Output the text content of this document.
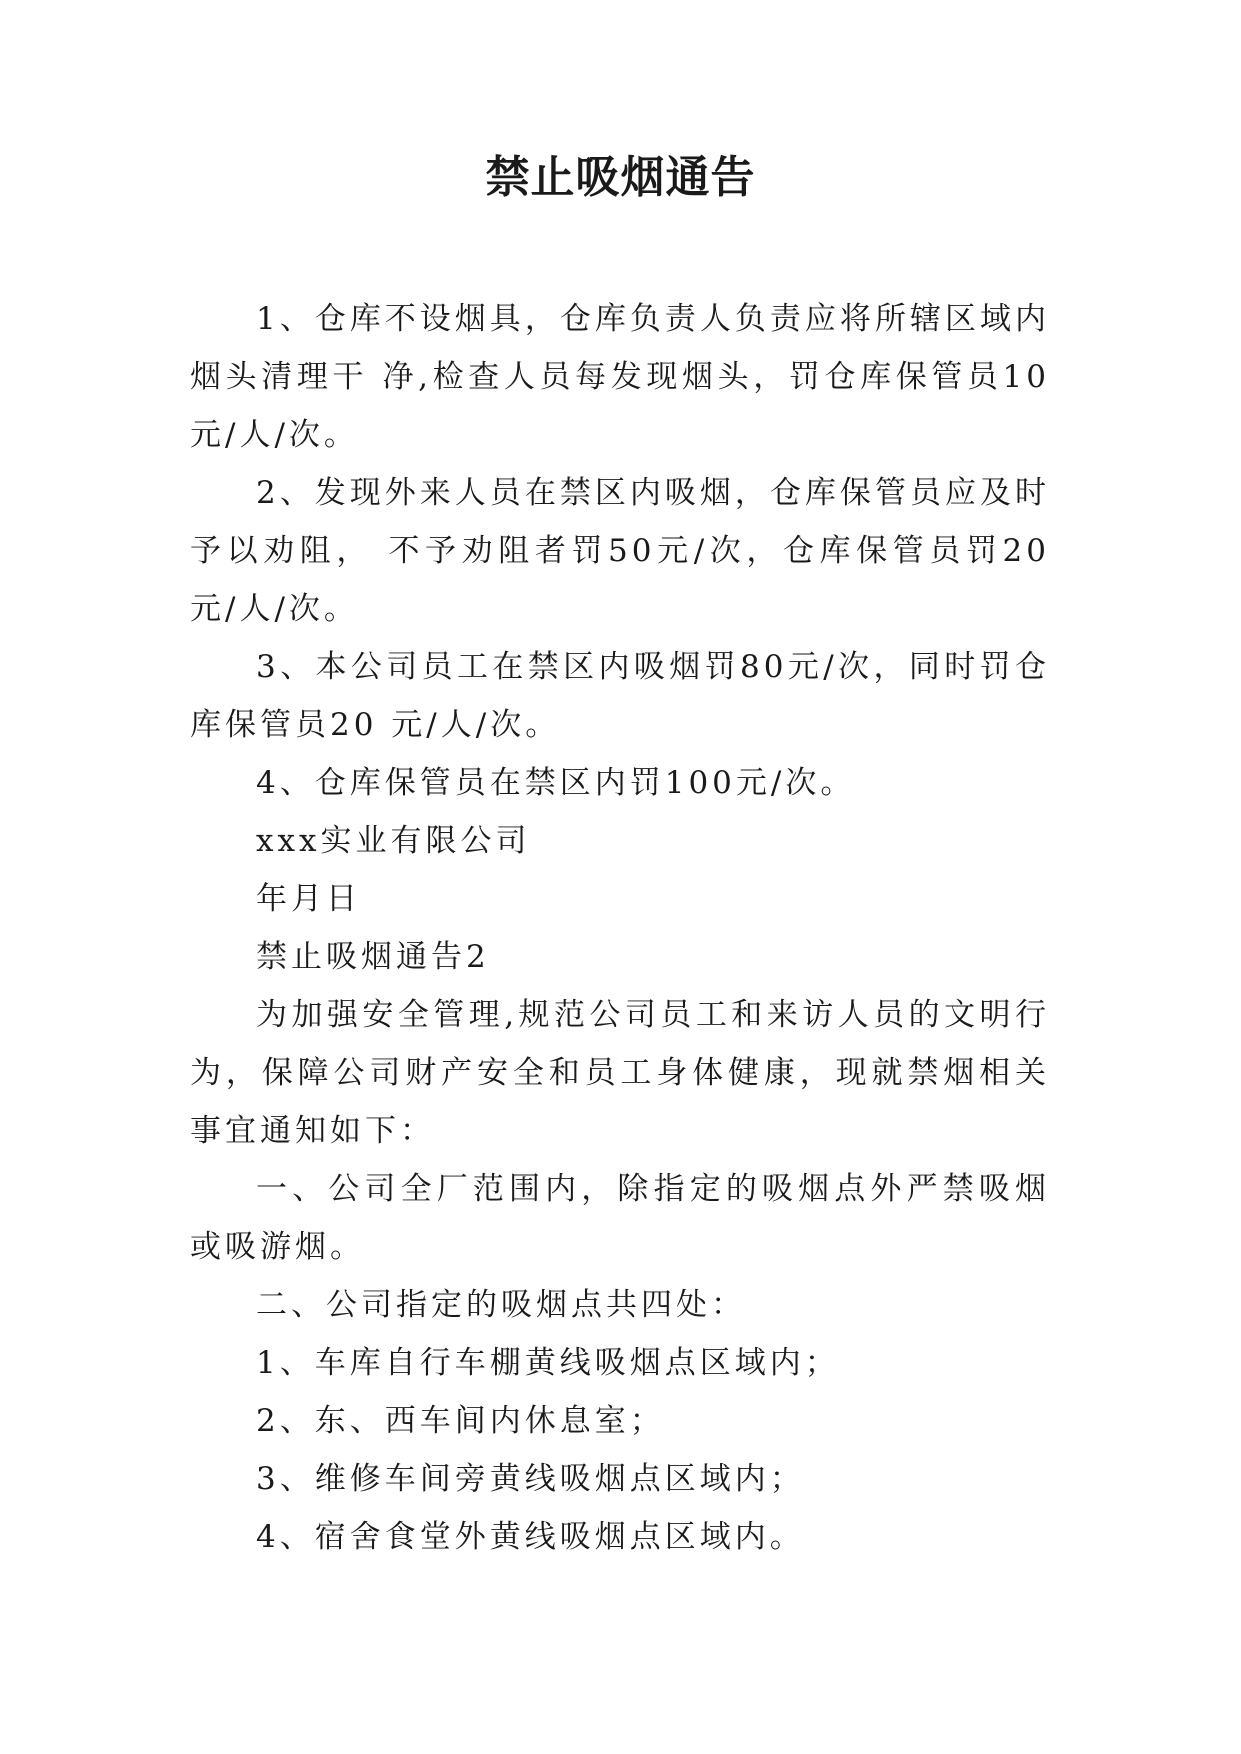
禁止吸烟通告

1、仓库不设烟具，仓库负责人负责应将所辖区域内烟头清理干 净,检查人员每发现烟头，罚仓库保管员10元/人/次。

2、发现外来人员在禁区内吸烟，仓库保管员应及时予以劝阻， 不予劝阻者罚50元/次，仓库保管员罚20元/人/次。

3、本公司员工在禁区内吸烟罚80元/次，同时罚仓库保管员20 元/人/次。

4、仓库保管员在禁区内罚100元/次。

xxx实业有限公司

年月日

禁止吸烟通告2

为加强安全管理,规范公司员工和来访人员的文明行为，保障公司财产安全和员工身体健康，现就禁烟相关事宜通知如下：

一、公司全厂范围内，除指定的吸烟点外严禁吸烟或吸游烟。

二、公司指定的吸烟点共四处：

1、车库自行车棚黄线吸烟点区域内；

2、东、西车间内休息室；

3、维修车间旁黄线吸烟点区域内；

4、宿舍食堂外黄线吸烟点区域内。
